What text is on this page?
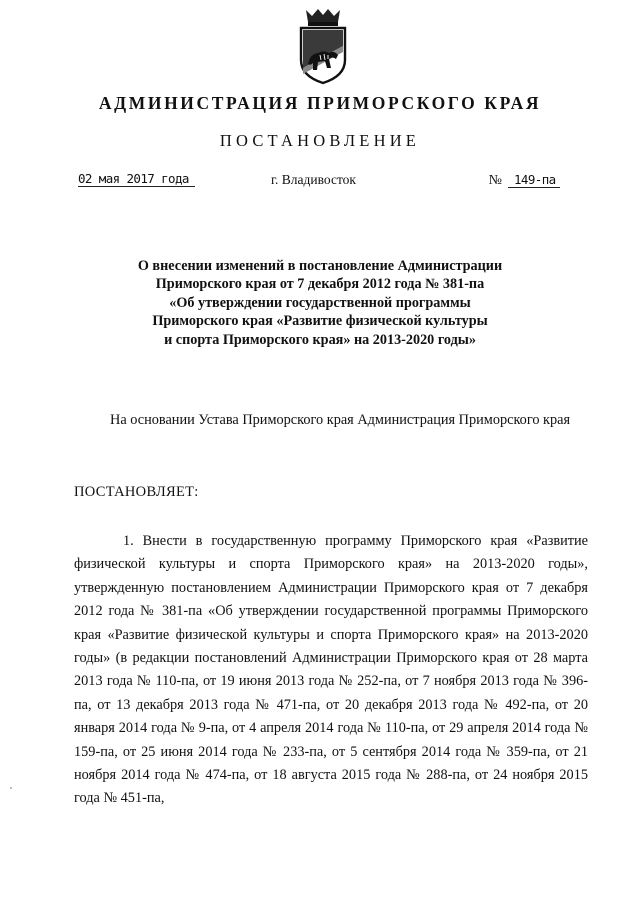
АДМИНИСТРАЦИЯ ПРИМОРСКОГО КРАЯ
ПОСТАНОВЛЕНИЕ
02 мая 2017 года	г. Владивосток	№ 149-па
О внесении изменений в постановление Администрации
Приморского края от 7 декабря 2012 года № 381-па
«Об утверждении государственной программы
Приморского края «Развитие физической культуры
и спорта Приморского края» на 2013-2020 годы»
На основании Устава Приморского края Администрация Приморского края
ПОСТАНОВЛЯЕТ:
1. Внести в государственную программу Приморского края «Развитие физической культуры и спорта Приморского края» на 2013-2020 годы», утвержденную постановлением Администрации Приморского края от 7 декабря 2012 года № 381-па «Об утверждении государственной программы Приморского края «Развитие физической культуры и спорта Приморского края» на 2013-2020 годы» (в редакции постановлений Администрации Приморского края от 28 марта 2013 года № 110-па, от 19 июня 2013 года № 252-па, от 7 ноября 2013 года № 396-па, от 13 декабря 2013 года № 471-па, от 20 декабря 2013 года № 492-па, от 20 января 2014 года № 9-па, от 4 апреля 2014 года № 110-па, от 29 апреля 2014 года № 159-па, от 25 июня 2014 года № 233-па, от 5 сентября 2014 года № 359-па, от 21 ноября 2014 года № 474-па, от 18 августа 2015 года № 288-па, от 24 ноября 2015 года № 451-па,
